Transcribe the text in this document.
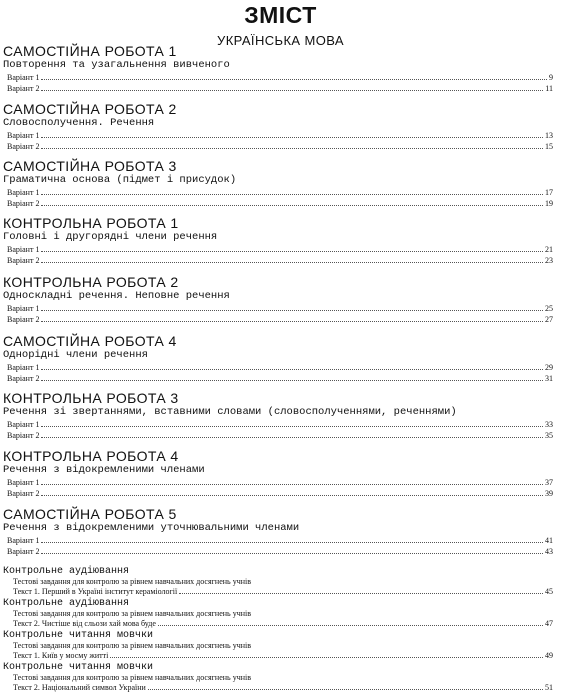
ЗМІСТ
УКРАЇНСЬКА МОВА
САМОСТІЙНА РОБОТА 1
Повторення та узагальнення вивченого
Варіант 1	9
Варіант 2	11
САМОСТІЙНА РОБОТА 2
Словосполучення. Речення
Варіант 1	13
Варіант 2	15
САМОСТІЙНА РОБОТА 3
Граматична основа (підмет і присудок)
Варіант 1	17
Варіант 2	19
КОНТРОЛЬНА РОБОТА 1
Головні і другорядні члени речення
Варіант 1	21
Варіант 2	23
КОНТРОЛЬНА РОБОТА 2
Односкладні речення. Неповне речення
Варіант 1	25
Варіант 2	27
САМОСТІЙНА РОБОТА 4
Однорідні члени речення
Варіант 1	29
Варіант 2	31
КОНТРОЛЬНА РОБОТА 3
Речення зі звертаннями, вставними словами (словосполученнями, реченнями)
Варіант 1	33
Варіант 2	35
КОНТРОЛЬНА РОБОТА 4
Речення з відокремленими членами
Варіант 1	37
Варіант 2	39
САМОСТІЙНА РОБОТА 5
Речення з відокремленими уточнювальними членами
Варіант 1	41
Варіант 2	43
Контрольне аудіювання
Тестові завдання для контролю за рівнем навчальних досягнень учнів
Текст 1. Перший в Україні інститут кераміології	45
Контрольне аудіювання
Тестові завдання для контролю за рівнем навчальних досягнень учнів
Текст 2. Чистіше від сльози хай мова буде	47
Контрольне читання мовчки
Тестові завдання для контролю за рівнем навчальних досягнень учнів
Текст 1. Київ у мосму житті	49
Контрольне читання мовчки
Тестові завдання для контролю за рівнем навчальних досягнень учнів
Текст 2. Національний символ України	51
